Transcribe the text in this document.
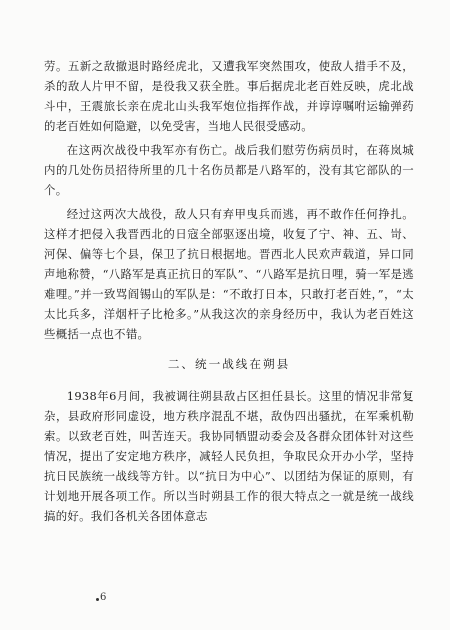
劳。五新之敌撤退时路经虎北，又遭我军突然围攻，使敌人措手不及，杀的敌人片甲不留，是役我又获全胜。事后据虎北老百姓反映，虎北战斗中，王震旅长亲在虎北山头我军炮位指挥作战，并谆谆嘱咐运输弹药的老百姓如何隐避，以免受害，当地人民很受感动。

在这两次战役中我军亦有伤亡。战后我们慰劳伤病员时，在蒋岚城内的几处伤员招待所里的几十名伤员都是八路军的，没有其它部队的一个。

经过这两次大战役，敌人只有弃甲曳兵而逃，再不敢作任何挣扎。这样才把侵入我晋西北的日寇全部驱逐出境，收复了宁、神、五、岢、河保、偏等七个县，保卫了抗日根据地。晋西北人民欢声载道，异口同声地称赞，“八路军是真正抗日的军队”、“八路军是抗日哩，骑一军是逃难哩。”并一致骂阎锡山的军队是：“不敢打日本，只敢打老百姓，”，“太太比兵多，洋烟杆子比枪多。”从我这次的亲身经历中，我认为老百姓这些概括一点也不错。

二、统一战线在朔县

1938年6月间，我被调往朔县敌占区担任县长。这里的情况非常复杂，县政府形同虚设，地方秩序混乱不堪，敌伪四出骚扰，在军乘机勒索。以致老百姓，叫苦连天。我协同牺盟动委会及各群众团体针对这些情况，提出了安定地方秩序，减轻人民负担，争取民众开办小学，坚持抗日民族统一战线等方针。以“抗日为中心”、以团结为保证的原则，有计划地开展各项工作。所以当时朔县工作的很大特点之一就是统一战线搞的好。我们各机关各团体意志

6
